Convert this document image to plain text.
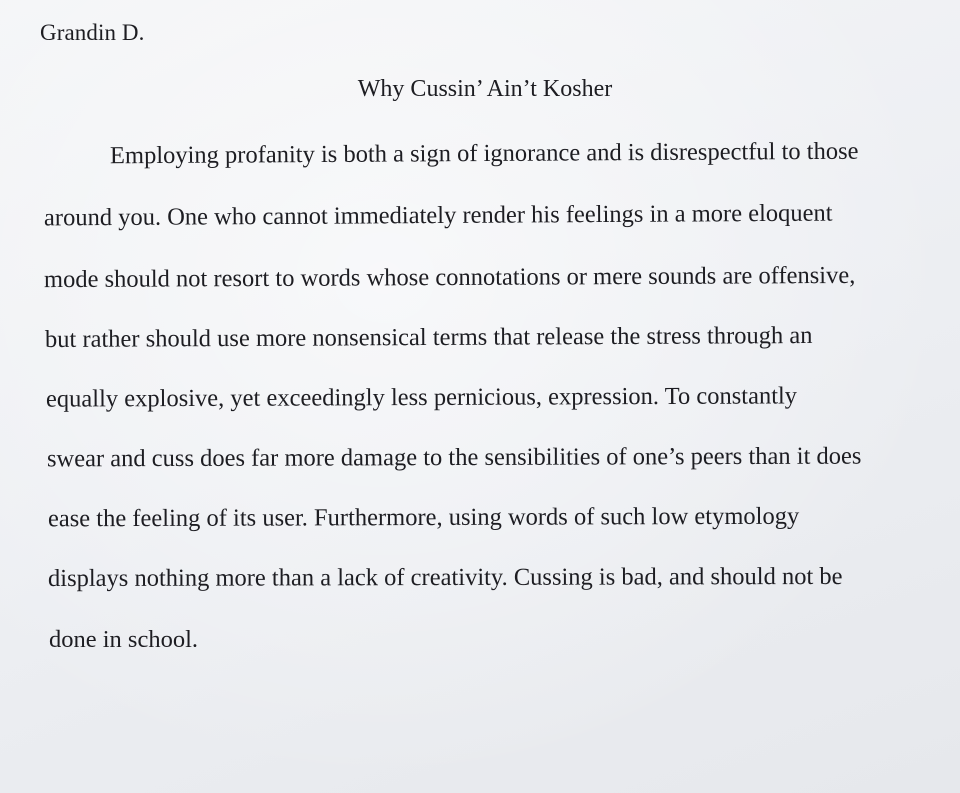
Grandin D.
Why Cussin’ Ain’t Kosher
Employing profanity is both a sign of ignorance and is disrespectful to those
around you. One who cannot immediately render his feelings in a more eloquent
mode should not resort to words whose connotations or mere sounds are offensive,
but rather should use more nonsensical terms that release the stress through an
equally explosive, yet exceedingly less pernicious, expression. To constantly
swear and cuss does far more damage to the sensibilities of one’s peers than it does
ease the feeling of its user. Furthermore, using words of such low etymology
displays nothing more than a lack of creativity. Cussing is bad, and should not be
done in school.
